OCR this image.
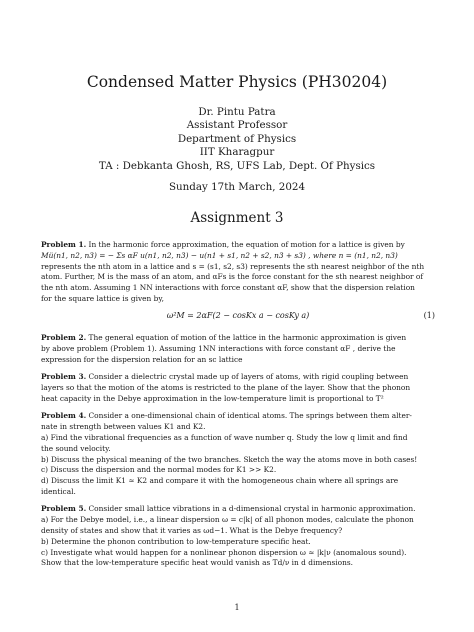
Condensed Matter Physics (PH30204)
Dr. Pintu Patra
Assistant Professor
Department of Physics
IIT Kharagpur
TA : Debkanta Ghosh, RS, UFS Lab, Dept. Of Physics
Sunday 17th March, 2024
Assignment 3
Problem 1. In the harmonic force approximation, the equation of motion for a lattice is given by
Mü(n1, n2, n3) = − Σs αF u(n1, n2, n3) − u(n1 + s1, n2 + s2, n3 + s3) , where n = (n1, n2, n3)
represents the nth atom in a lattice and s = (s1, s2, s3) represents the sth nearest neighbor of the nth
atom. Further, M is the mass of an atom, and αFs is the force constant for the sth nearest neighbor of
the nth atom. Assuming 1 NN interactions with force constant αF, show that the dispersion relation
for the square lattice is given by,
ω²M = 2αF(2 − cosKx a − cosKy a)	(1)
Problem 2. The general equation of motion of the lattice in the harmonic approximation is given
by above problem (Problem 1). Assuming 1NN interactions with force constant αF , derive the
expression for the dispersion relation for an sc lattice
Problem 3. Consider a dielectric crystal made up of layers of atoms, with rigid coupling between
layers so that the motion of the atoms is restricted to the plane of the layer. Show that the phonon
heat capacity in the Debye approximation in the low-temperature limit is proportional to T²
Problem 4. Consider a one-dimensional chain of identical atoms. The springs between them alter-
nate in strength between values K1 and K2.
a) Find the vibrational frequencies as a function of wave number q. Study the low q limit and find
the sound velocity.
b) Discuss the physical meaning of the two branches. Sketch the way the atoms move in both cases!
c) Discuss the dispersion and the normal modes for K1 >> K2.
d) Discuss the limit K1 ≈ K2 and compare it with the homogeneous chain where all springs are
identical.
Problem 5. Consider small lattice vibrations in a d-dimensional crystal in harmonic approximation.
a) For the Debye model, i.e., a linear dispersion ω = c|k| of all phonon modes, calculate the phonon
density of states and show that it varies as ωd−1. What is the Debye frequency?
b) Determine the phonon contribution to low-temperature specific heat.
c) Investigate what would happen for a nonlinear phonon dispersion ω ≈ |k|ν (anomalous sound).
Show that the low-temperature specific heat would vanish as Td/ν in d dimensions.
1
